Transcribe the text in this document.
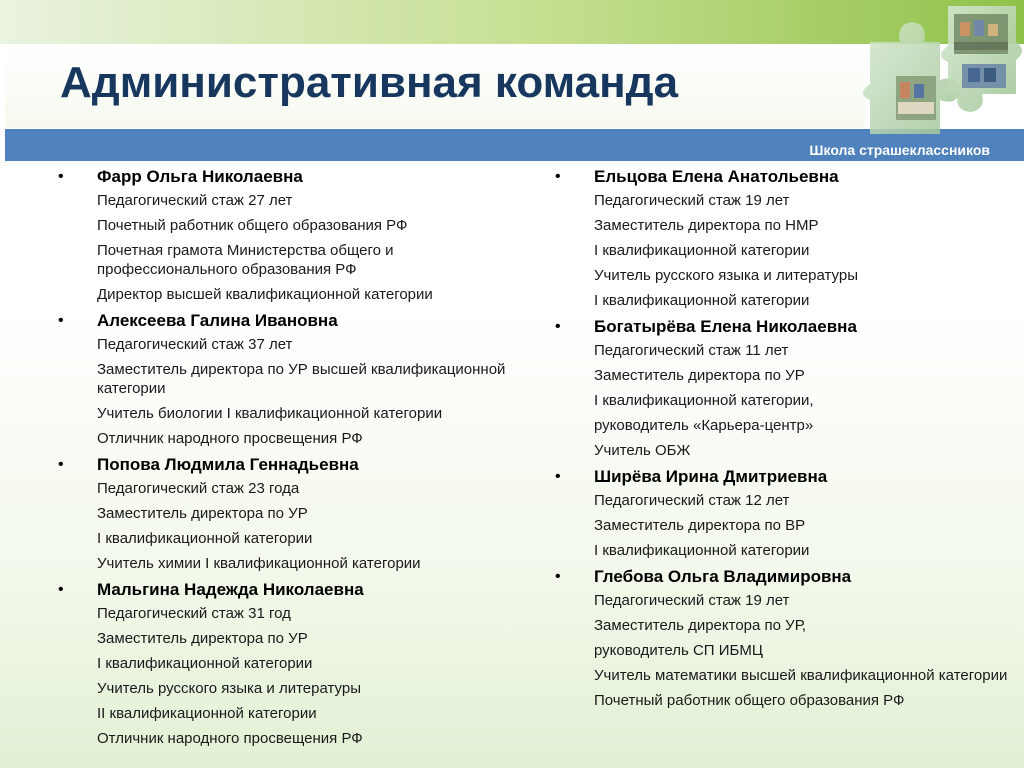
Административная команда
Школа страшеклассников
•	Фарр Ольга Николаевна
Педагогический стаж 27 лет
Почетный работник общего образования РФ
Почетная грамота Министерства общего и профессионального образования РФ
Директор высшей квалификационной категории
•	Алексеева Галина Ивановна
Педагогический стаж 37 лет
Заместитель директора по УР высшей квалификационной категории
Учитель биологии I квалификационной категории
Отличник народного просвещения РФ
•	Попова Людмила Геннадьевна
Педагогический стаж 23 года
Заместитель директора по УР
I квалификационной категории
Учитель химии I квалификационной категории
•	Мальгина Надежда Николаевна
Педагогический стаж 31 год
Заместитель директора по УР
I квалификационной категории
Учитель русского языка и литературы
II квалификационной категории
Отличник народного просвещения РФ
•	Ельцова Елена Анатольевна
Педагогический стаж 19 лет
Заместитель директора по НМР
I квалификационной категории
Учитель русского языка и литературы
I квалификационной категории
•	Богатырёва Елена Николаевна
Педагогический стаж 11 лет
Заместитель директора по УР
I квалификационной категории,
руководитель «Карьера-центр»
Учитель ОБЖ
•	Ширёва Ирина Дмитриевна
Педагогический стаж 12 лет
Заместитель директора по ВР
I квалификационной категории
•	Глебова Ольга Владимировна
Педагогический стаж 19 лет
Заместитель директора по УР,
руководитель СП ИБМЦ
Учитель математики высшей квалификационной категории
Почетный работник общего образования РФ
